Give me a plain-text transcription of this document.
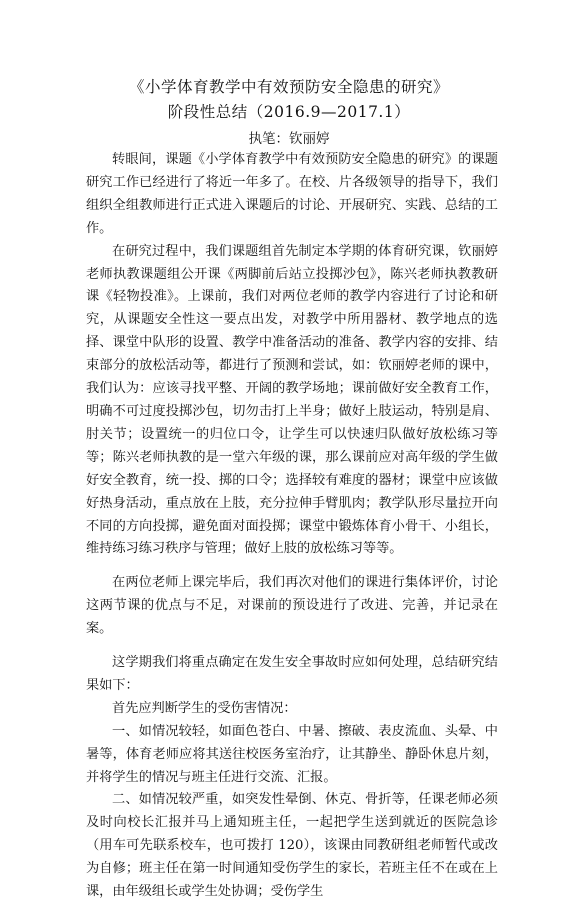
《小学体育教学中有效预防安全隐患的研究》
阶段性总结（2016.9—2017.1）
执笔：钦丽婷

转眼间，课题《小学体育教学中有效预防安全隐患的研究》的课题研究工作已经进行了将近一年多了。在校、片各级领导的指导下，我们组织全组教师进行正式进入课题后的讨论、开展研究、实践、总结的工作。

在研究过程中，我们课题组首先制定本学期的体育研究课，钦丽婷老师执教课题组公开课《两脚前后站立投掷沙包》，陈兴老师执教教研课《轻物投准》。上课前，我们对两位老师的教学内容进行了讨论和研究，从课题安全性这一要点出发，对教学中所用器材、教学地点的选择、课堂中队形的设置、教学中准备活动的准备、教学内容的安排、结束部分的放松活动等，都进行了预测和尝试，如：钦丽婷老师的课中，我们认为：应该寻找平整、开阔的教学场地；课前做好安全教育工作，明确不可过度投掷沙包，切勿击打上半身；做好上肢运动，特别是肩、肘关节；设置统一的归位口令，让学生可以快速归队做好放松练习等等；陈兴老师执教的是一堂六年级的课，那么课前应对高年级的学生做好安全教育，统一投、掷的口令；选择较有难度的器材；课堂中应该做好热身活动，重点放在上肢，充分拉伸手臂肌肉；教学队形尽量拉开向不同的方向投掷，避免面对面投掷；课堂中锻炼体育小骨干、小组长，维持练习练习秩序与管理；做好上肢的放松练习等等。

在两位老师上课完毕后，我们再次对他们的课进行集体评价，讨论这两节课的优点与不足，对课前的预设进行了改进、完善，并记录在案。

这学期我们将重点确定在发生安全事故时应如何处理，总结研究结果如下：

首先应判断学生的受伤害情况：

一、如情况较轻，如面色苍白、中暑、擦破、表皮流血、头晕、中暑等，体育老师应将其送往校医务室治疗，让其静坐、静卧休息片刻，并将学生的情况与班主任进行交流、汇报。

二、如情况较严重，如突发性晕倒、休克、骨折等，任课老师必须及时向校长汇报并马上通知班主任，一起把学生送到就近的医院急诊（用车可先联系校车，也可拨打 120），该课由同教研组老师暂代或改为自修；班主任在第一时间通知受伤学生的家长，若班主任不在或在上课，由年级组长或学生处协调；受伤学生
